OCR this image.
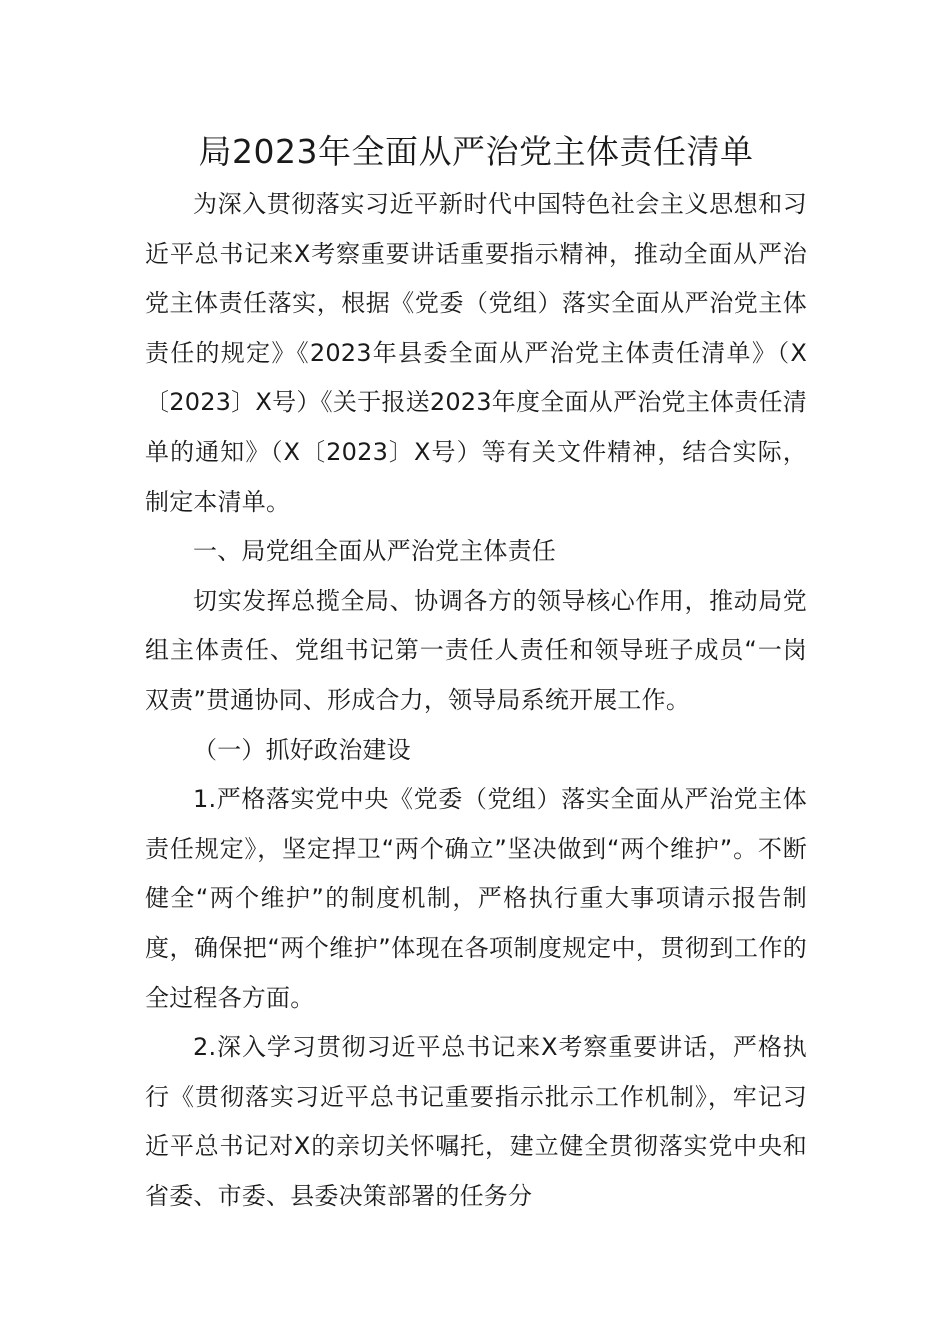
局2023年全面从严治党主体责任清单

为深入贯彻落实习近平新时代中国特色社会主义思想和习近平总书记来X考察重要讲话重要指示精神，推动全面从严治党主体责任落实，根据《党委（党组）落实全面从严治党主体责任的规定》《2023年县委全面从严治党主体责任清单》（X〔2023〕X号）《关于报送2023年度全面从严治党主体责任清单的通知》（X〔2023〕X号）等有关文件精神，结合实际，制定本清单。

一、局党组全面从严治党主体责任

切实发挥总揽全局、协调各方的领导核心作用，推动局党组主体责任、党组书记第一责任人责任和领导班子成员“一岗双责”贯通协同、形成合力，领导局系统开展工作。

（一）抓好政治建设

1.严格落实党中央《党委（党组）落实全面从严治党主体责任规定》，坚定捍卫“两个确立”坚决做到“两个维护”。不断健全“两个维护”的制度机制，严格执行重大事项请示报告制度，确保把“两个维护”体现在各项制度规定中，贯彻到工作的全过程各方面。

2.深入学习贯彻习近平总书记来X考察重要讲话，严格执行《贯彻落实习近平总书记重要指示批示工作机制》，牢记习近平总书记对X的亲切关怀嘱托，建立健全贯彻落实党中央和省委、市委、县委决策部署的任务分
